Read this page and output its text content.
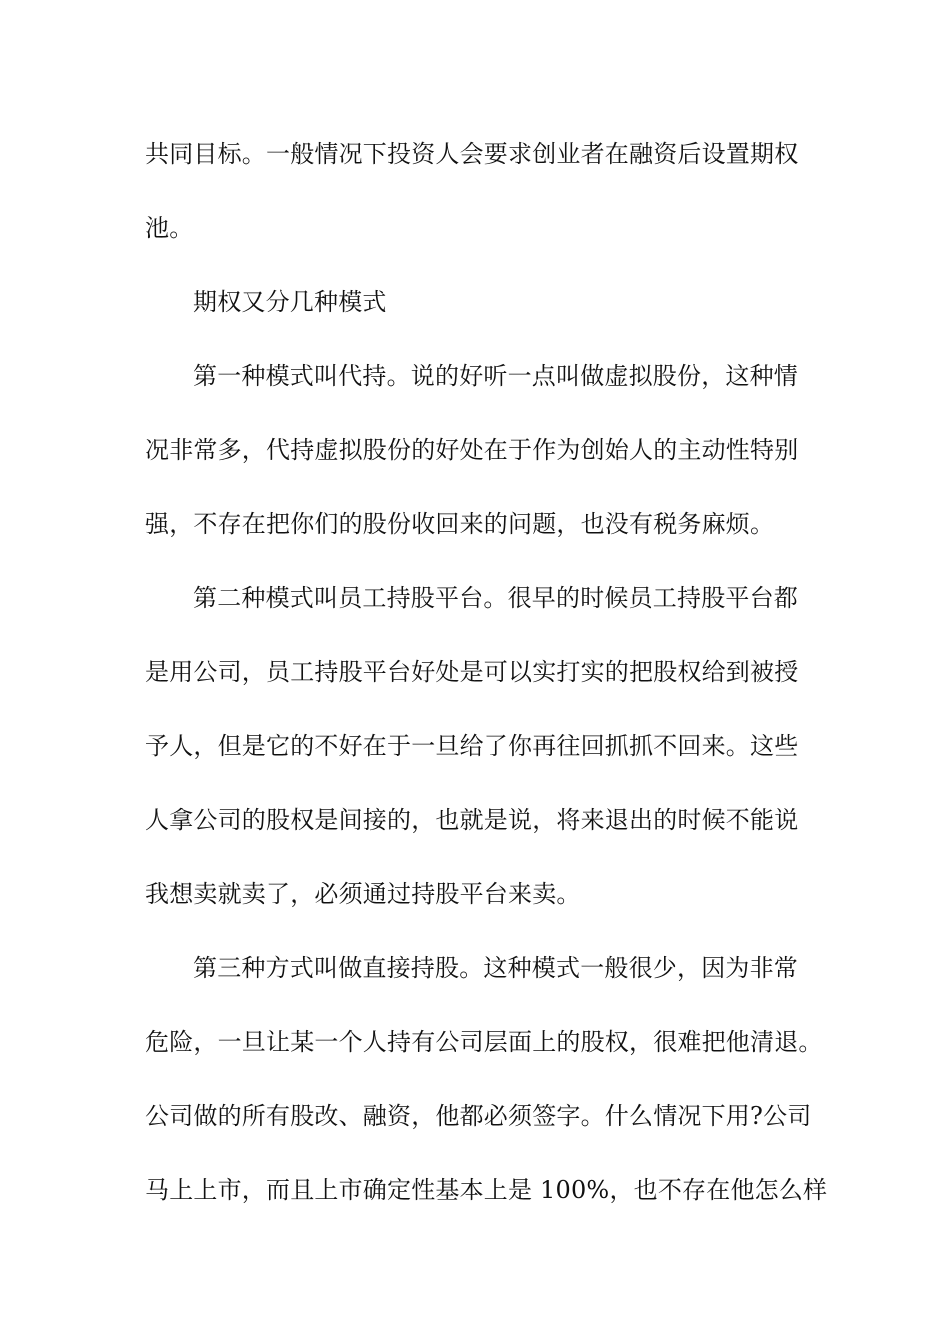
共同目标。一般情况下投资人会要求创业者在融资后设置期权

池。

期权又分几种模式

第一种模式叫代持。说的好听一点叫做虚拟股份，这种情

况非常多，代持虚拟股份的好处在于作为创始人的主动性特别

强，不存在把你们的股份收回来的问题，也没有税务麻烦。

第二种模式叫员工持股平台。很早的时候员工持股平台都

是用公司，员工持股平台好处是可以实打实的把股权给到被授

予人，但是它的不好在于一旦给了你再往回抓抓不回来。这些

人拿公司的股权是间接的，也就是说，将来退出的时候不能说

我想卖就卖了，必须通过持股平台来卖。

第三种方式叫做直接持股。这种模式一般很少，因为非常

危险，一旦让某一个人持有公司层面上的股权，很难把他清退。

公司做的所有股改、融资，他都必须签字。什么情况下用?公司

马上上市，而且上市确定性基本上是 100%，也不存在他怎么样
